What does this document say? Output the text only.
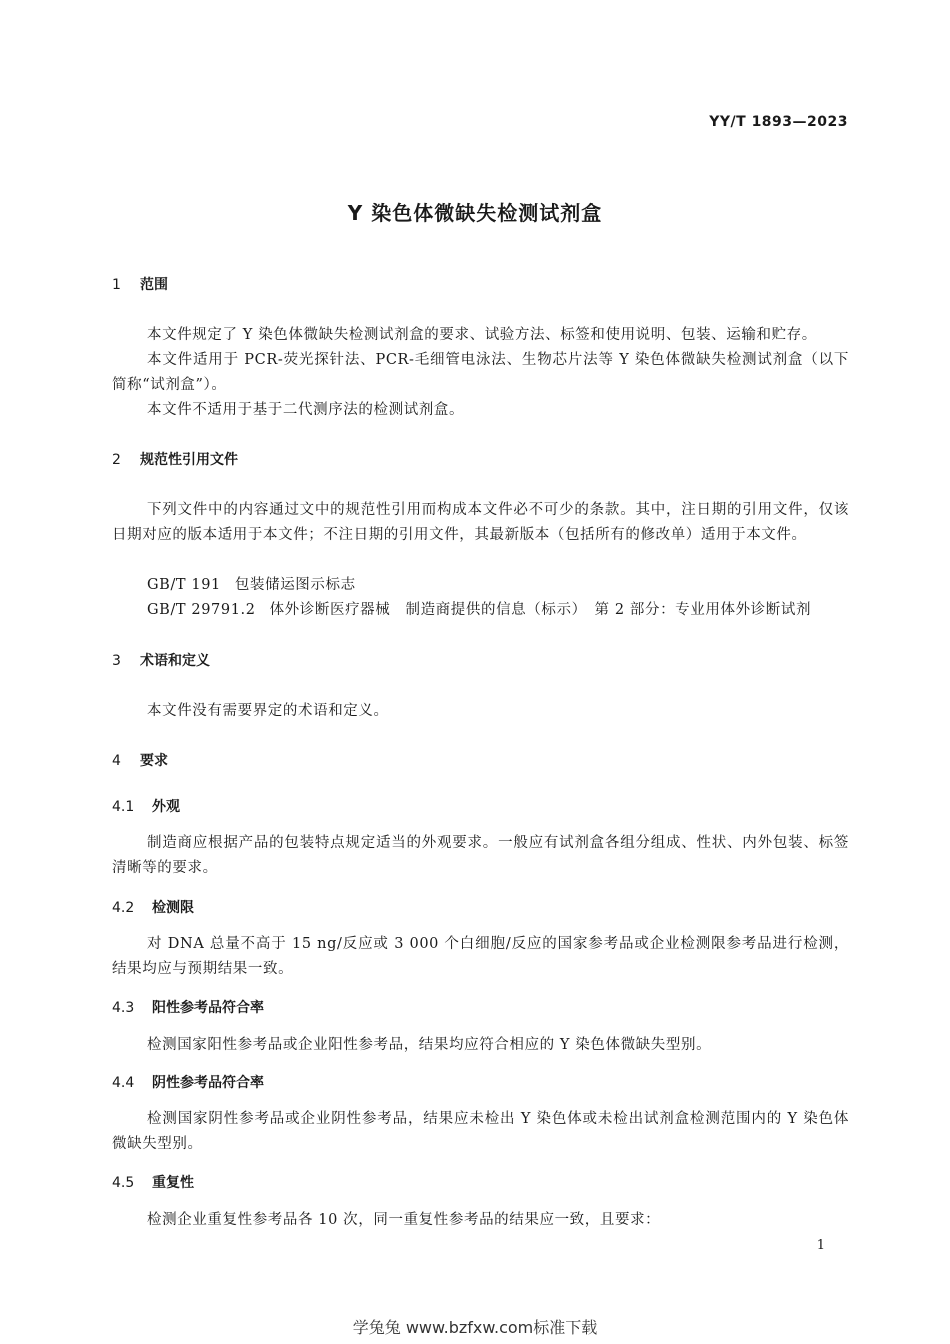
YY/T 1893—2023
Y 染色体微缺失检测试剂盒
1 范围
本文件规定了 Y 染色体微缺失检测试剂盒的要求、试验方法、标签和使用说明、包装、运输和贮存。
本文件适用于 PCR-荧光探针法、PCR-毛细管电泳法、生物芯片法等 Y 染色体微缺失检测试剂盒（以下简称“试剂盒”）。
本文件不适用于基于二代测序法的检测试剂盒。
2 规范性引用文件
下列文件中的内容通过文中的规范性引用而构成本文件必不可少的条款。其中，注日期的引用文件，仅该日期对应的版本适用于本文件；不注日期的引用文件，其最新版本（包括所有的修改单）适用于本文件。
GB/T 191 包装储运图示标志
GB/T 29791.2 体外诊断医疗器械　制造商提供的信息（标示）　第 2 部分：专业用体外诊断试剂
3 术语和定义
本文件没有需要界定的术语和定义。
4 要求
4.1 外观
制造商应根据产品的包装特点规定适当的外观要求。一般应有试剂盒各组分组成、性状、内外包装、标签清晰等的要求。
4.2 检测限
对 DNA 总量不高于 15 ng/反应或 3 000 个白细胞/反应的国家参考品或企业检测限参考品进行检测，结果均应与预期结果一致。
4.3 阳性参考品符合率
检测国家阳性参考品或企业阳性参考品，结果均应符合相应的 Y 染色体微缺失型别。
4.4 阴性参考品符合率
检测国家阴性参考品或企业阴性参考品，结果应未检出 Y 染色体或未检出试剂盒检测范围内的 Y 染色体微缺失型别。
4.5 重复性
检测企业重复性参考品各 10 次，同一重复性参考品的结果应一致，且要求：
1
学兔兔 www.bzfxw.com标准下载
